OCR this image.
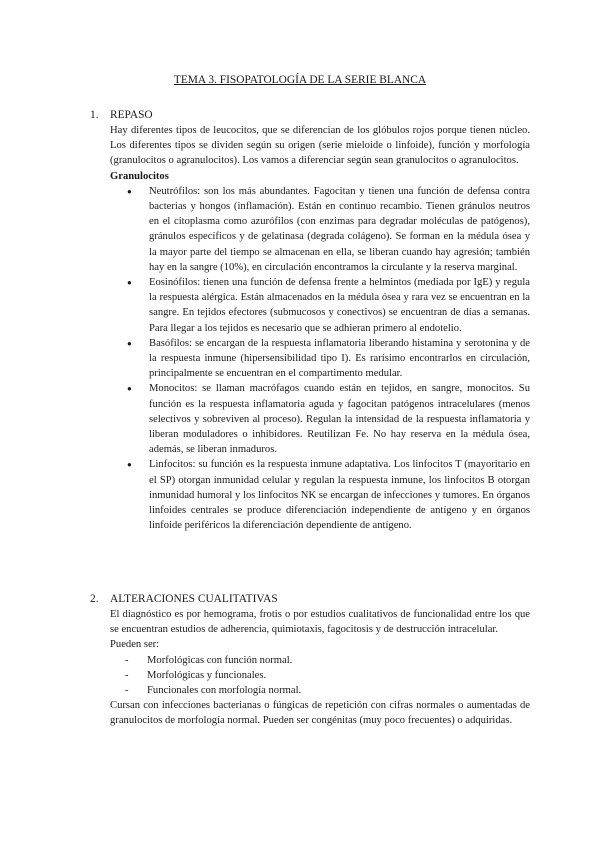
TEMA 3. FISOPATOLOGÍA DE LA SERIE BLANCA
1.	REPASO

Hay diferentes tipos de leucocitos, que se diferencian de los glóbulos rojos porque tienen núcleo. Los diferentes tipos se dividen según su origen (serie mieloide o linfoide), función y morfología (granulocitos o agranulocitos). Los vamos a diferenciar según sean granulocitos o agranulocitos.

Granulocitos

●	Neutrófilos: son los más abundantes. Fagocitan y tienen una función de defensa contra bacterias y hongos (inflamación). Están en continuo recambio. Tienen gránulos neutros en el citoplasma como azurófilos (con enzimas para degradar moléculas de patógenos), gránulos específicos y de gelatinasa (degrada colágeno). Se forman en la médula ósea y la mayor parte del tiempo se almacenan en ella, se liberan cuando hay agresión; también hay en la sangre (10%), en circulación encontramos la circulante y la reserva marginal.
●	Eosinófilos: tienen una función de defensa frente a helmintos (mediada por IgE) y regula la respuesta alérgica. Están almacenados en la médula ósea y rara vez se encuentran en la sangre. En tejidos efectores (submucosos y conectivos) se encuentran de días a semanas. Para llegar a los tejidos es necesario que se adhieran primero al endotelio.
●	Basófilos: se encargan de la respuesta inflamatoria liberando histamina y serotonina y de la respuesta inmune (hipersensibilidad tipo I). Es rarísimo encontrarlos en circulación, principalmente se encuentran en el compartimento medular.
●	Monocitos: se llaman macrófagos cuando están en tejidos, en sangre, monocitos. Su función es la respuesta inflamatoria aguda y fagocitan patógenos intracelulares (menos selectivos y sobreviven al proceso). Regulan la intensidad de la respuesta inflamatoria y liberan moduladores o inhibidores. Reutilizan Fe. No hay reserva en la médula ósea, además, se liberan inmaduros.
●	Linfocitos: su función es la respuesta inmune adaptativa. Los linfocitos T (mayoritario en el SP) otorgan inmunidad celular y regulan la respuesta inmune, los linfocitos B otorgan inmunidad humoral y los linfocitos NK se encargan de infecciones y tumores. En órganos linfoides centrales se produce diferenciación independiente de antígeno y en órganos linfoide periféricos la diferenciación dependiente de antígeno.
2.	ALTERACIONES CUALITATIVAS

El diagnóstico es por hemograma, frotis o por estudios cualitativos de funcionalidad entre los que se encuentran estudios de adherencia, quimiotaxis, fagocitosis y de destrucción intracelular.

Pueden ser:

-	Morfológicas con función normal.
-	Morfológicas y funcionales.
-	Funcionales con morfología normal.

Cursan con infecciones bacterianas o fúngicas de repetición con cifras normales o aumentadas de granulocitos de morfología normal. Pueden ser congénitas (muy poco frecuentes) o adquiridas.
